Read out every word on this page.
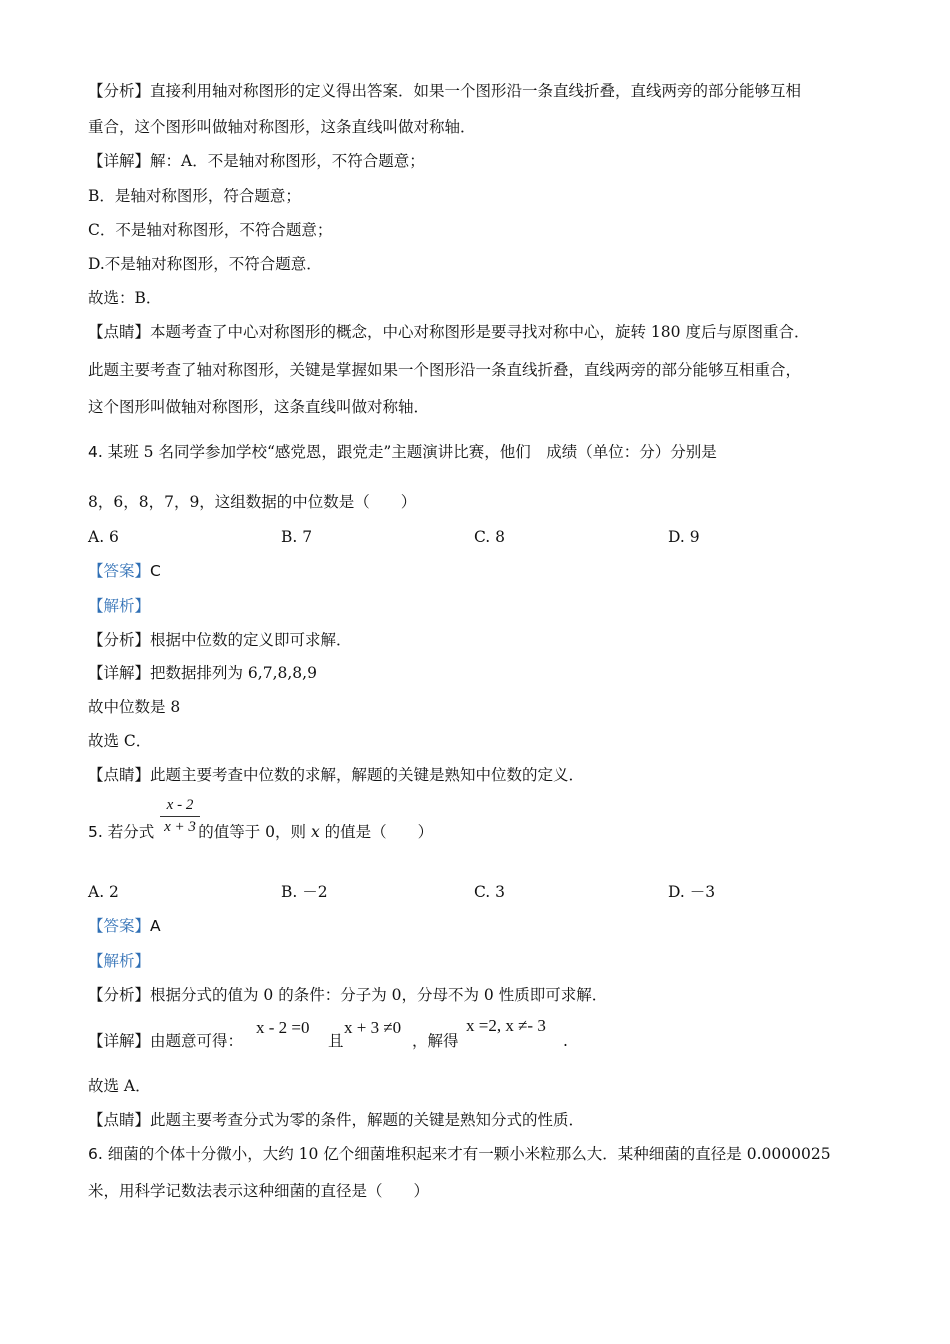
【分析】直接利用轴对称图形的定义得出答案．如果一个图形沿一条直线折叠，直线两旁的部分能够互相
重合，这个图形叫做轴对称图形，这条直线叫做对称轴．
【详解】解：A．不是轴对称图形，不符合题意；
B．是轴对称图形，符合题意；
C．不是轴对称图形，不符合题意；
D.不是轴对称图形，不符合题意．
故选：B．
【点睛】本题考查了中心对称图形的概念，中心对称图形是要寻找对称中心，旋转 180 度后与原图重合．
此题主要考查了轴对称图形，关键是掌握如果一个图形沿一条直线折叠，直线两旁的部分能够互相重合，
这个图形叫做轴对称图形，这条直线叫做对称轴．
4. 某班 5 名同学参加学校“感党恩，跟党走”主题演讲比赛，他们　成绩（单位：分）分别是
8，6，8，7，9，这组数据的中位数是（　　）
A. 6	B. 7	C. 8	D. 9
【答案】C
【解析】
【分析】根据中位数的定义即可求解．
【详解】把数据排列为 6,7,8,8,9
故中位数是 8
故选 C．
【点睛】此题主要考查中位数的求解，解题的关键是熟知中位数的定义．
5. 若分式	的值等于 0，则 x 的值是（　　）
$\frac{x - 2}{x + 3}$
A. 2	B. －2	C. 3	D. －3
【答案】A
【解析】
【分析】根据分式的值为 0 的条件：分子为 0，分母不为 0 性质即可求解．
【详解】由题意可得：
x - 2 =0
且
x + 3 ≠0
，解得
x =2, x ≠- 3
.
故选 A．
【点睛】此题主要考查分式为零的条件，解题的关键是熟知分式的性质．
6. 细菌的个体十分微小，大约 10 亿个细菌堆积起来才有一颗小米粒那么大．某种细菌的直径是 0.0000025
米，用科学记数法表示这种细菌的直径是（　　）
